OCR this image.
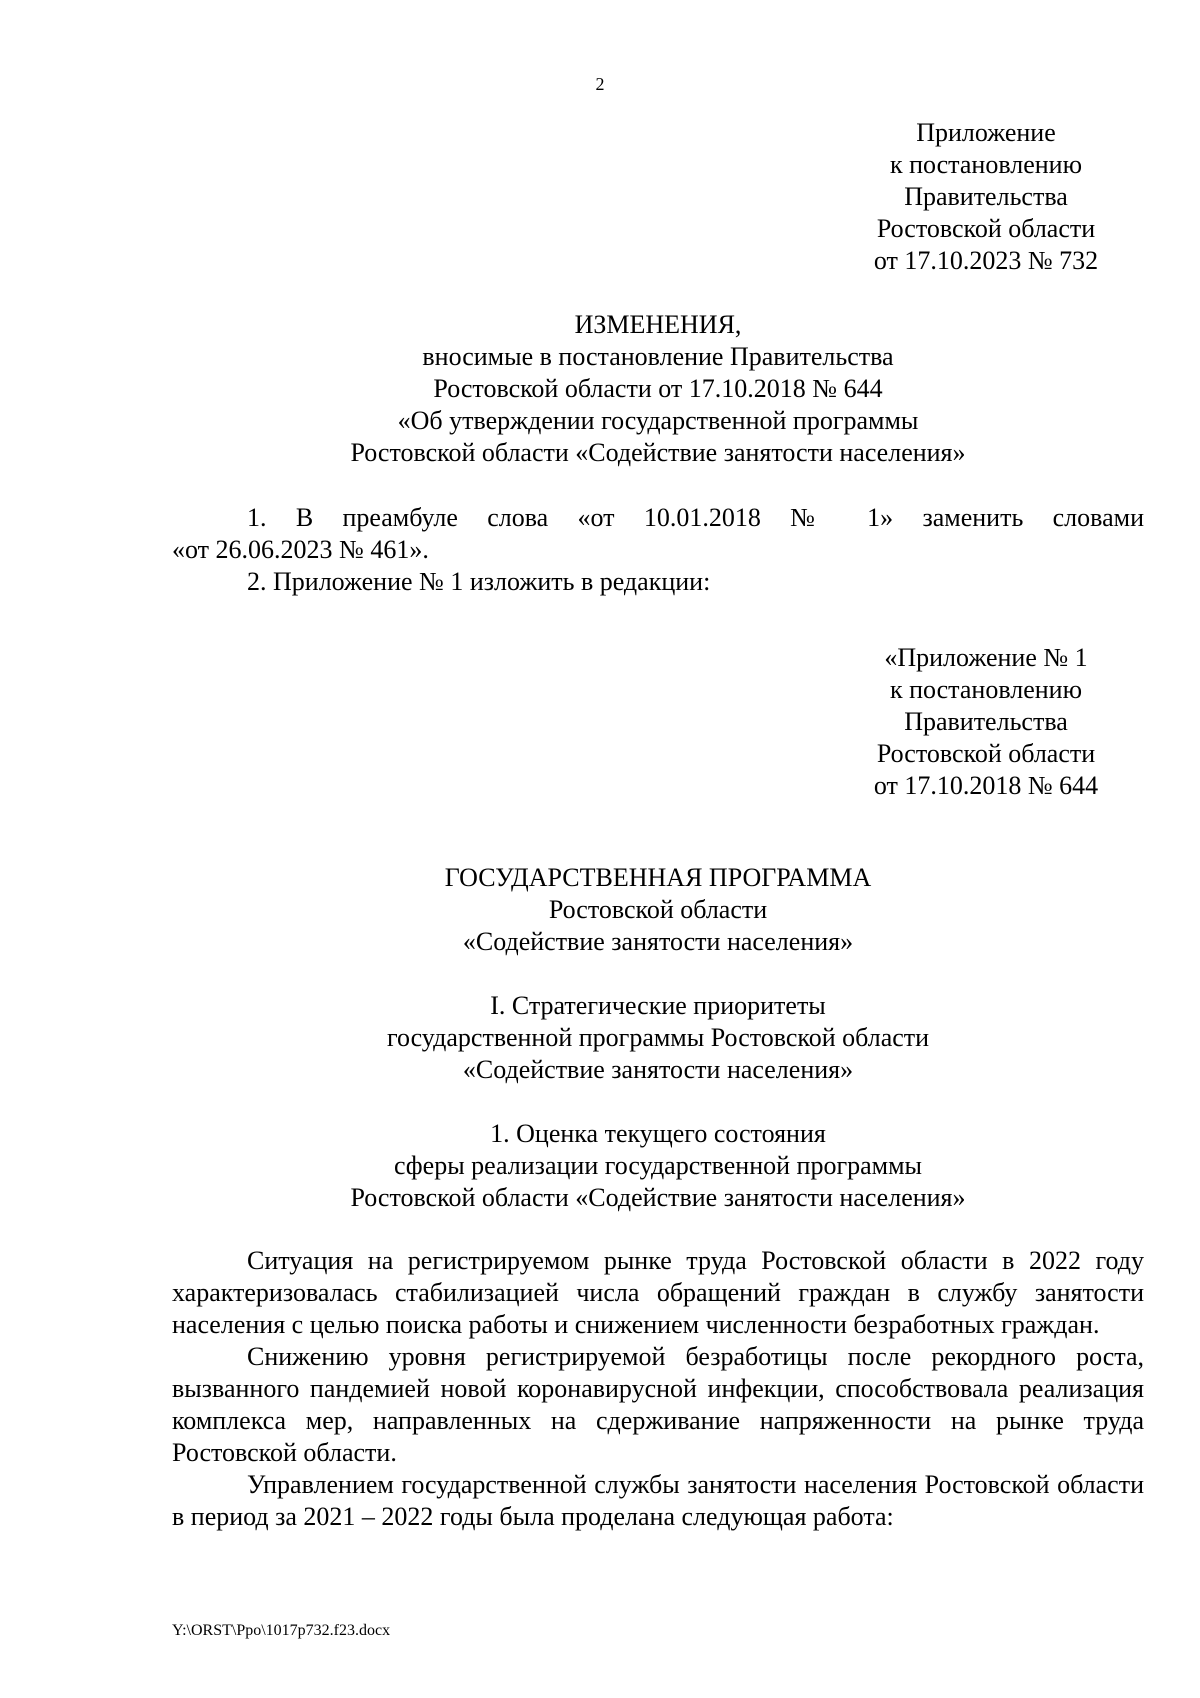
2
Приложение
к постановлению
Правительства
Ростовской области
от 17.10.2023 № 732
ИЗМЕНЕНИЯ,
вносимые в постановление Правительства
Ростовской области от 17.10.2018 № 644
«Об утверждении государственной программы
Ростовской области «Содействие занятости населения»
1. В преамбуле слова «от 10.01.2018 № 1» заменить словами
«от 26.06.2023 № 461».

2. Приложение № 1 изложить в редакции:

«Приложение № 1
к постановлению
Правительства
Ростовской области
от 17.10.2018 № 644
ГОСУДАРСТВЕННАЯ ПРОГРАММА
Ростовской области
«Содействие занятости населения»
I. Стратегические приоритеты
государственной программы Ростовской области
«Содействие занятости населения»
1. Оценка текущего состояния
сферы реализации государственной программы
Ростовской области «Содействие занятости населения»

Ситуация на регистрируемом рынке труда Ростовской области в 2022 году характеризовалась стабилизацией числа обращений граждан в службу занятости населения с целью поиска работы и снижением численности безработных граждан.

Снижению уровня регистрируемой безработицы после рекордного роста, вызванного пандемией новой коронавирусной инфекции, способствовала реализация комплекса мер, направленных на сдерживание напряженности на рынке труда Ростовской области.

Управлением государственной службы занятости населения Ростовской области в период за 2021 – 2022 годы была проделана следующая работа:

Y:\ORST\Ppo\1017p732.f23.docx
